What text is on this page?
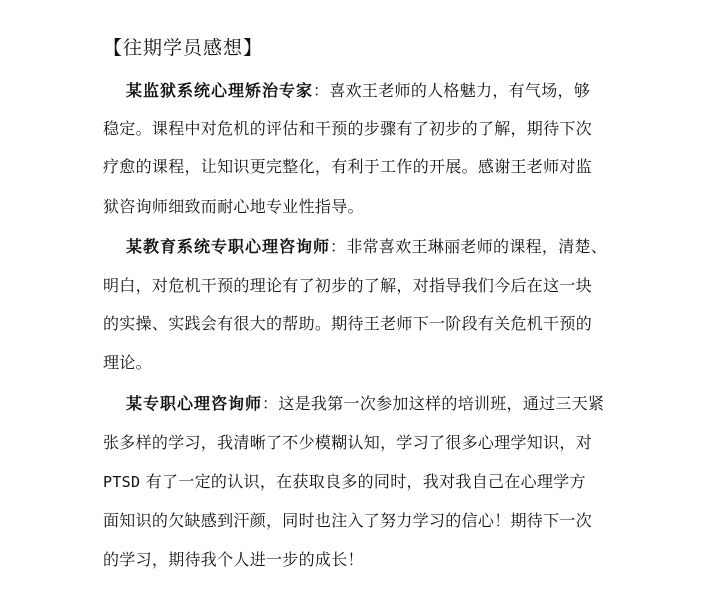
【往期学员感想】
某监狱系统心理矫治专家：喜欢王老师的人格魅力，有气场，够
稳定。课程中对危机的评估和干预的步骤有了初步的了解，期待下次
疗愈的课程，让知识更完整化，有利于工作的开展。感谢王老师对监
狱咨询师细致而耐心地专业性指导。
某教育系统专职心理咨询师：非常喜欢王琳丽老师的课程，清楚、
明白，对危机干预的理论有了初步的了解，对指导我们今后在这一块
的实操、实践会有很大的帮助。期待王老师下一阶段有关危机干预的
理论。
某专职心理咨询师：这是我第一次参加这样的培训班，通过三天紧
张多样的学习，我清晰了不少模糊认知，学习了很多心理学知识，对
PTSD 有了一定的认识，在获取良多的同时，我对我自己在心理学方
面知识的欠缺感到汗颜，同时也注入了努力学习的信心！期待下一次
的学习，期待我个人进一步的成长！
